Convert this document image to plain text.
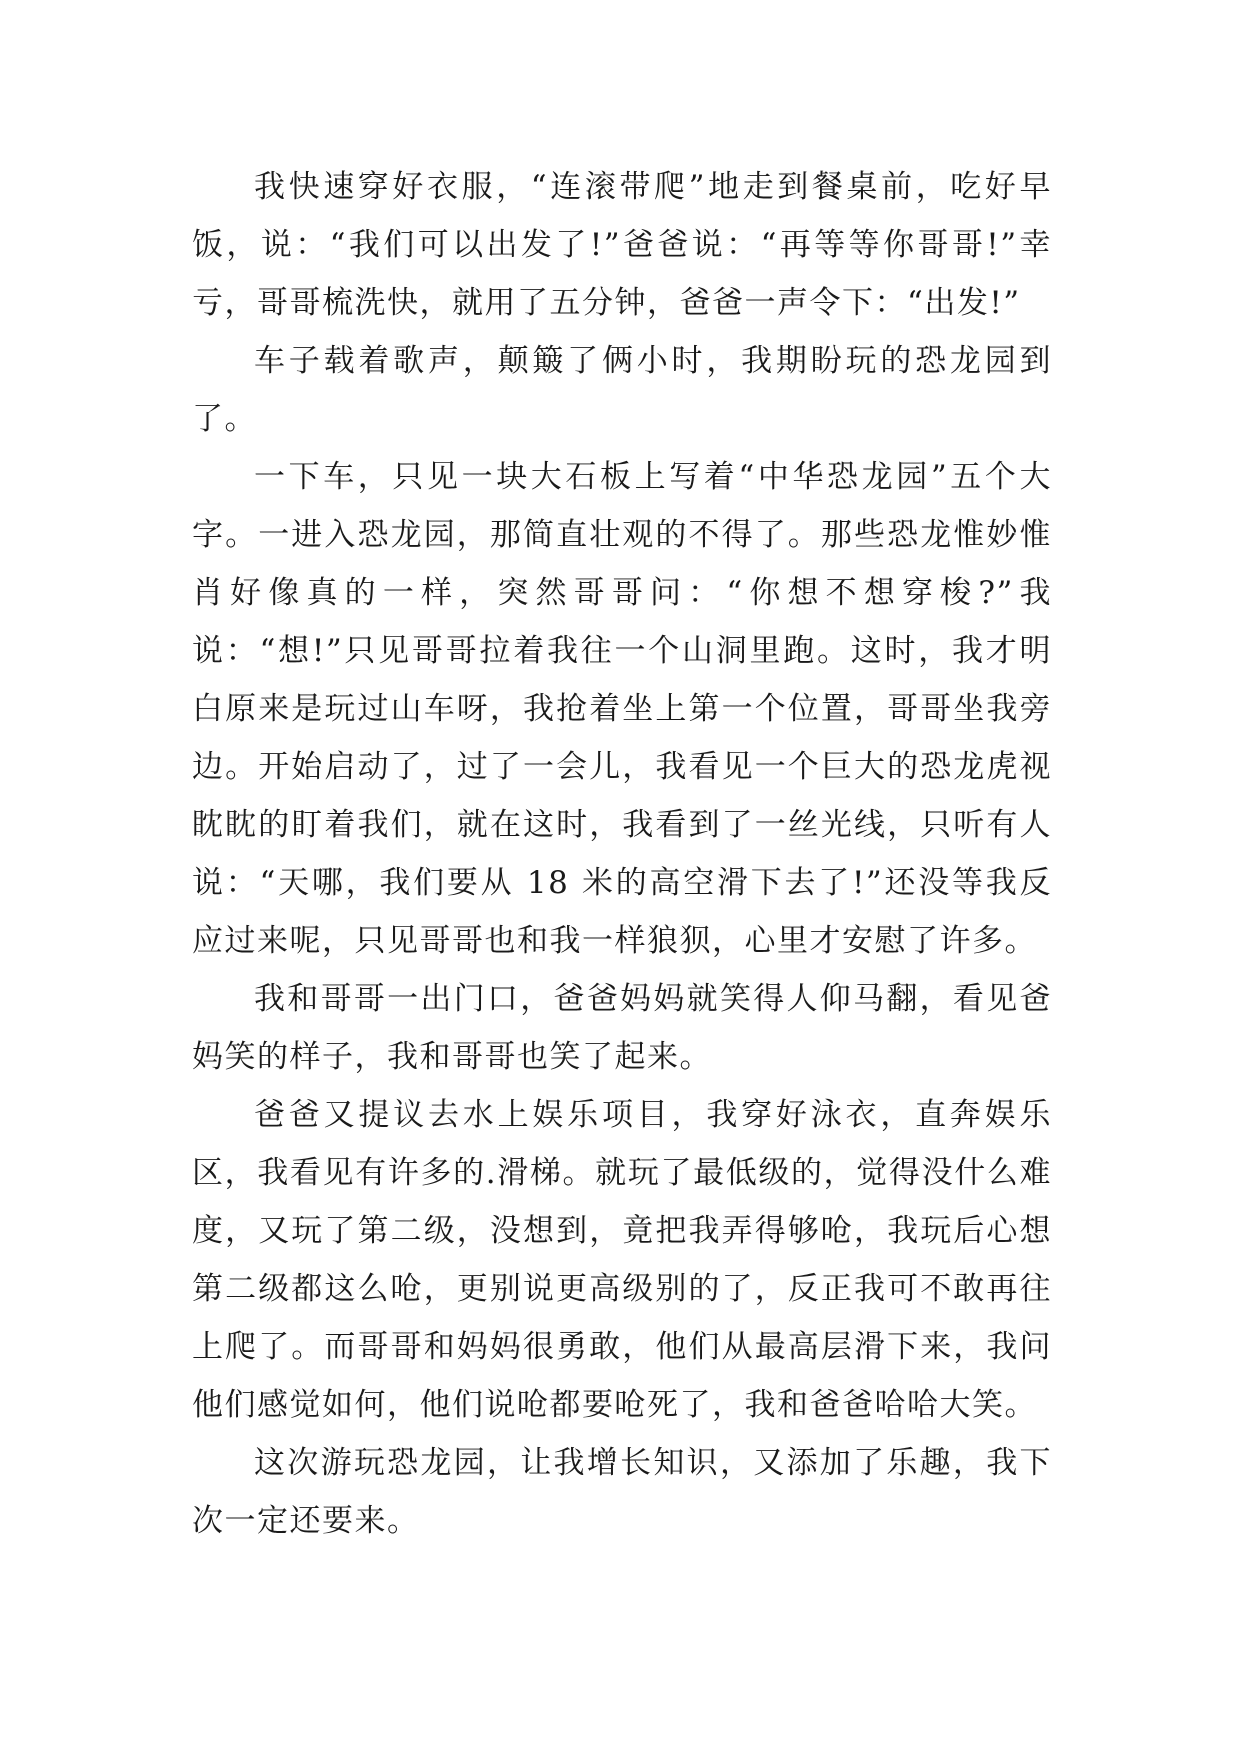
我快速穿好衣服，“连滚带爬”地走到餐桌前，吃好早饭，说：“我们可以出发了!”爸爸说：“再等等你哥哥!”幸亏，哥哥梳洗快，就用了五分钟，爸爸一声令下：“出发!”

车子载着歌声，颠簸了俩小时，我期盼玩的恐龙园到了。

一下车，只见一块大石板上写着“中华恐龙园”五个大字。一进入恐龙园，那简直壮观的不得了。那些恐龙惟妙惟肖好像真的一样，突然哥哥问：“你想不想穿梭?”我说：“想!”只见哥哥拉着我往一个山洞里跑。这时，我才明白原来是玩过山车呀，我抢着坐上第一个位置，哥哥坐我旁边。开始启动了，过了一会儿，我看见一个巨大的恐龙虎视眈眈的盯着我们，就在这时，我看到了一丝光线，只听有人说：“天哪，我们要从 18 米的高空滑下去了!”还没等我反应过来呢，只见哥哥也和我一样狼狈，心里才安慰了许多。

我和哥哥一出门口，爸爸妈妈就笑得人仰马翻，看见爸妈笑的样子，我和哥哥也笑了起来。

爸爸又提议去水上娱乐项目，我穿好泳衣，直奔娱乐区，我看见有许多的.滑梯。就玩了最低级的，觉得没什么难度，又玩了第二级，没想到，竟把我弄得够呛，我玩后心想第二级都这么呛，更别说更高级别的了，反正我可不敢再往上爬了。而哥哥和妈妈很勇敢，他们从最高层滑下来，我问他们感觉如何，他们说呛都要呛死了，我和爸爸哈哈大笑。

这次游玩恐龙园，让我增长知识，又添加了乐趣，我下次一定还要来。
